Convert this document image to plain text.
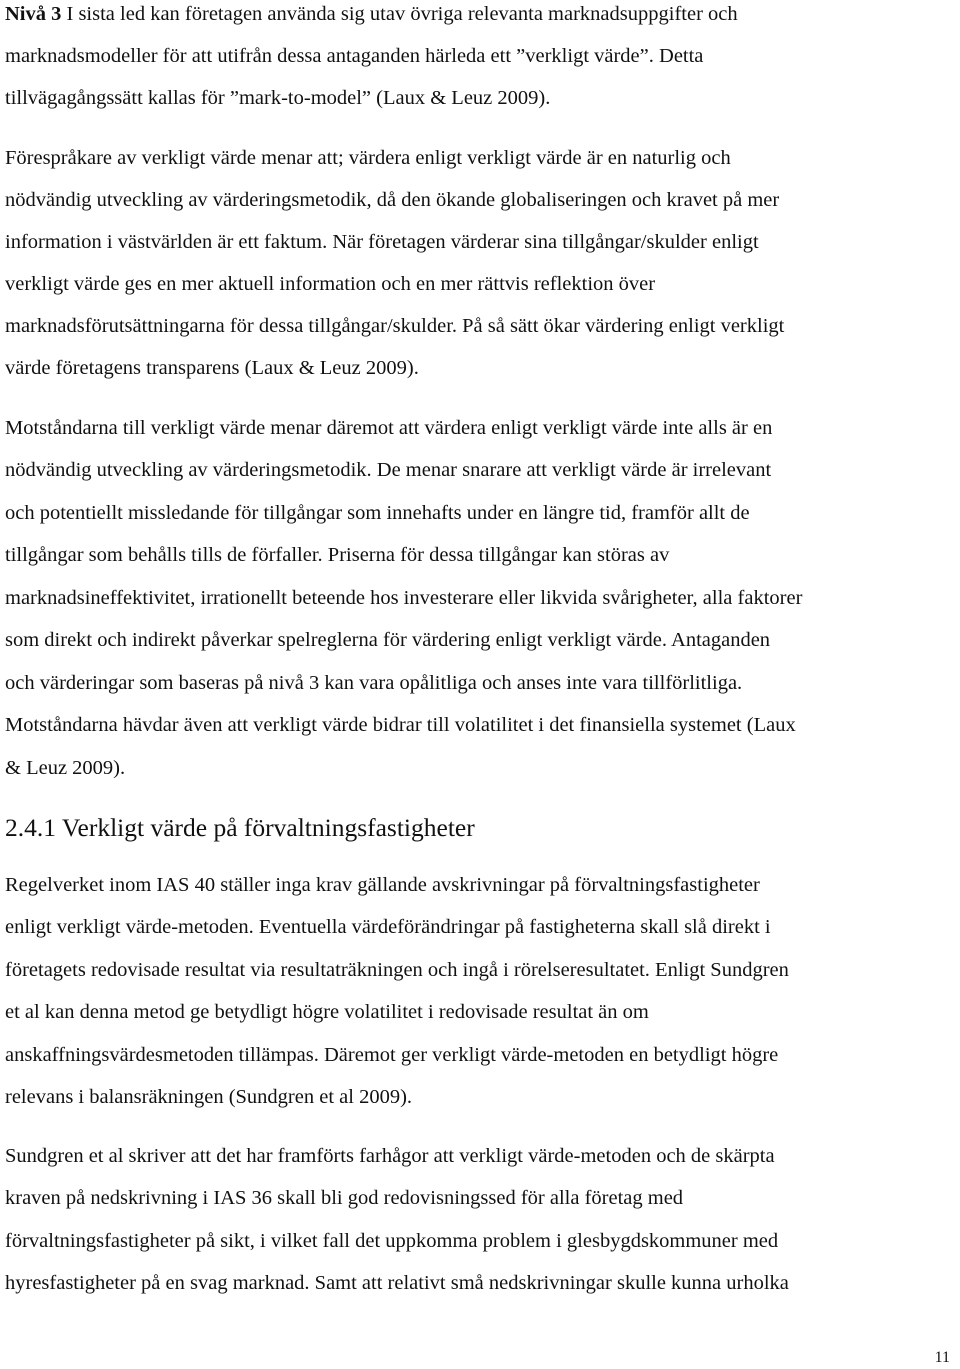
Nivå 3 I sista led kan företagen använda sig utav övriga relevanta marknadsuppgifter och
marknadsmodeller för att utifrån dessa antaganden härleda ett ”verkligt värde”. Detta
tillvägagångssätt kallas för ”mark-to-model” (Laux & Leuz 2009).
Förespråkare av verkligt värde menar att; värdera enligt verkligt värde är en naturlig och
nödvändig utveckling av värderingsmetodik, då den ökande globaliseringen och kravet på mer
information i västvärlden är ett faktum. När företagen värderar sina tillgångar/skulder enligt
verkligt värde ges en mer aktuell information och en mer rättvis reflektion över
marknadsförutsättningarna för dessa tillgångar/skulder. På så sätt ökar värdering enligt verkligt
värde företagens transparens (Laux & Leuz 2009).
Motståndarna till verkligt värde menar däremot att värdera enligt verkligt värde inte alls är en
nödvändig utveckling av värderingsmetodik. De menar snarare att verkligt värde är irrelevant
och potentiellt missledande för tillgångar som innehafts under en längre tid, framför allt de
tillgångar som behålls tills de förfaller. Priserna för dessa tillgångar kan störas av
marknadsineffektivitet, irrationellt beteende hos investerare eller likvida svårigheter, alla faktorer
som direkt och indirekt påverkar spelreglerna för värdering enligt verkligt värde. Antaganden
och värderingar som baseras på nivå 3 kan vara opålitliga och anses inte vara tillförlitliga.
Motståndarna hävdar även att verkligt värde bidrar till volatilitet i det finansiella systemet (Laux
& Leuz 2009).
2.4.1 Verkligt värde på förvaltningsfastigheter
Regelverket inom IAS 40 ställer inga krav gällande avskrivningar på förvaltningsfastigheter
enligt verkligt värde-metoden. Eventuella värdeförändringar på fastigheterna skall slå direkt i
företagets redovisade resultat via resultaträkningen och ingå i rörelseresultatet. Enligt Sundgren
et al kan denna metod ge betydligt högre volatilitet i redovisade resultat än om
anskaffningsvärdesmetoden tillämpas. Däremot ger verkligt värde-metoden en betydligt högre
relevans i balansräkningen (Sundgren et al 2009).
Sundgren et al skriver att det har framförts farhågor att verkligt värde-metoden och de skärpta
kraven på nedskrivning i IAS 36 skall bli god redovisningssed för alla företag med
förvaltningsfastigheter på sikt, i vilket fall det uppkomma problem i glesbygdskommuner med
hyresfastigheter på en svag marknad. Samt att relativt små nedskrivningar skulle kunna urholka
11
